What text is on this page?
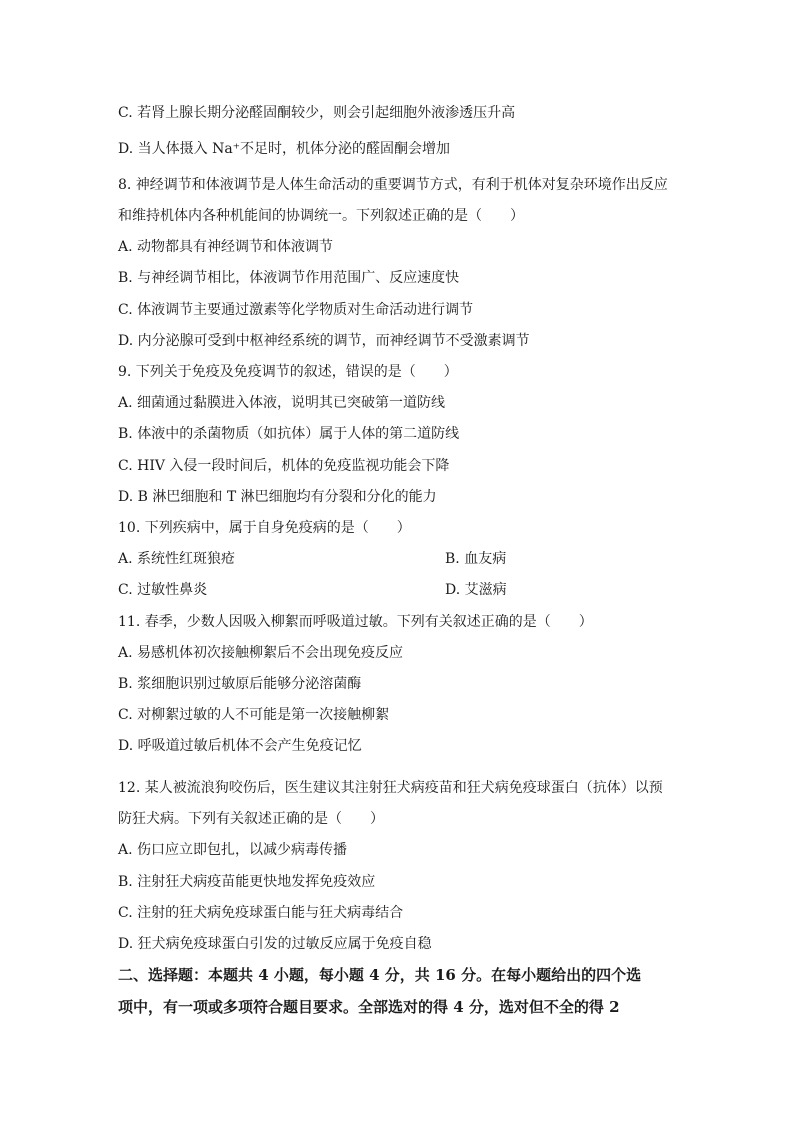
C. 若肾上腺长期分泌醛固酮较少，则会引起细胞外液渗透压升高
D. 当人体摄入 Na⁺不足时，机体分泌的醛固酮会增加
8. 神经调节和体液调节是人体生命活动的重要调节方式，有利于机体对复杂环境作出反应
和维持机体内各种机能间的协调统一。下列叙述正确的是（　　）
A. 动物都具有神经调节和体液调节
B. 与神经调节相比，体液调节作用范围广、反应速度快
C. 体液调节主要通过激素等化学物质对生命活动进行调节
D. 内分泌腺可受到中枢神经系统的调节，而神经调节不受激素调节
9. 下列关于免疫及免疫调节的叙述，错误的是（　　）
A. 细菌通过黏膜进入体液，说明其已突破第一道防线
B. 体液中的杀菌物质（如抗体）属于人体的第二道防线
C. HIV 入侵一段时间后，机体的免疫监视功能会下降
D. B 淋巴细胞和 T 淋巴细胞均有分裂和分化的能力
10. 下列疾病中，属于自身免疫病的是（　　）
A. 系统性红斑狼疮	B. 血友病
C. 过敏性鼻炎	D. 艾滋病
11. 春季，少数人因吸入柳絮而呼吸道过敏。下列有关叙述正确的是（　　）
A. 易感机体初次接触柳絮后不会出现免疫反应
B. 浆细胞识别过敏原后能够分泌溶菌酶
C. 对柳絮过敏的人不可能是第一次接触柳絮
D. 呼吸道过敏后机体不会产生免疫记忆
12. 某人被流浪狗咬伤后，医生建议其注射狂犬病疫苗和狂犬病免疫球蛋白（抗体）以预
防狂犬病。下列有关叙述正确的是（　　）
A. 伤口应立即包扎，以减少病毒传播
B. 注射狂犬病疫苗能更快地发挥免疫效应
C. 注射的狂犬病免疫球蛋白能与狂犬病毒结合
D. 狂犬病免疫球蛋白引发的过敏反应属于免疫自稳
二、选择题：本题共 4 小题，每小题 4 分，共 16 分。在每小题给出的四个选
项中，有一项或多项符合题目要求。全部选对的得 4 分，选对但不全的得 2
